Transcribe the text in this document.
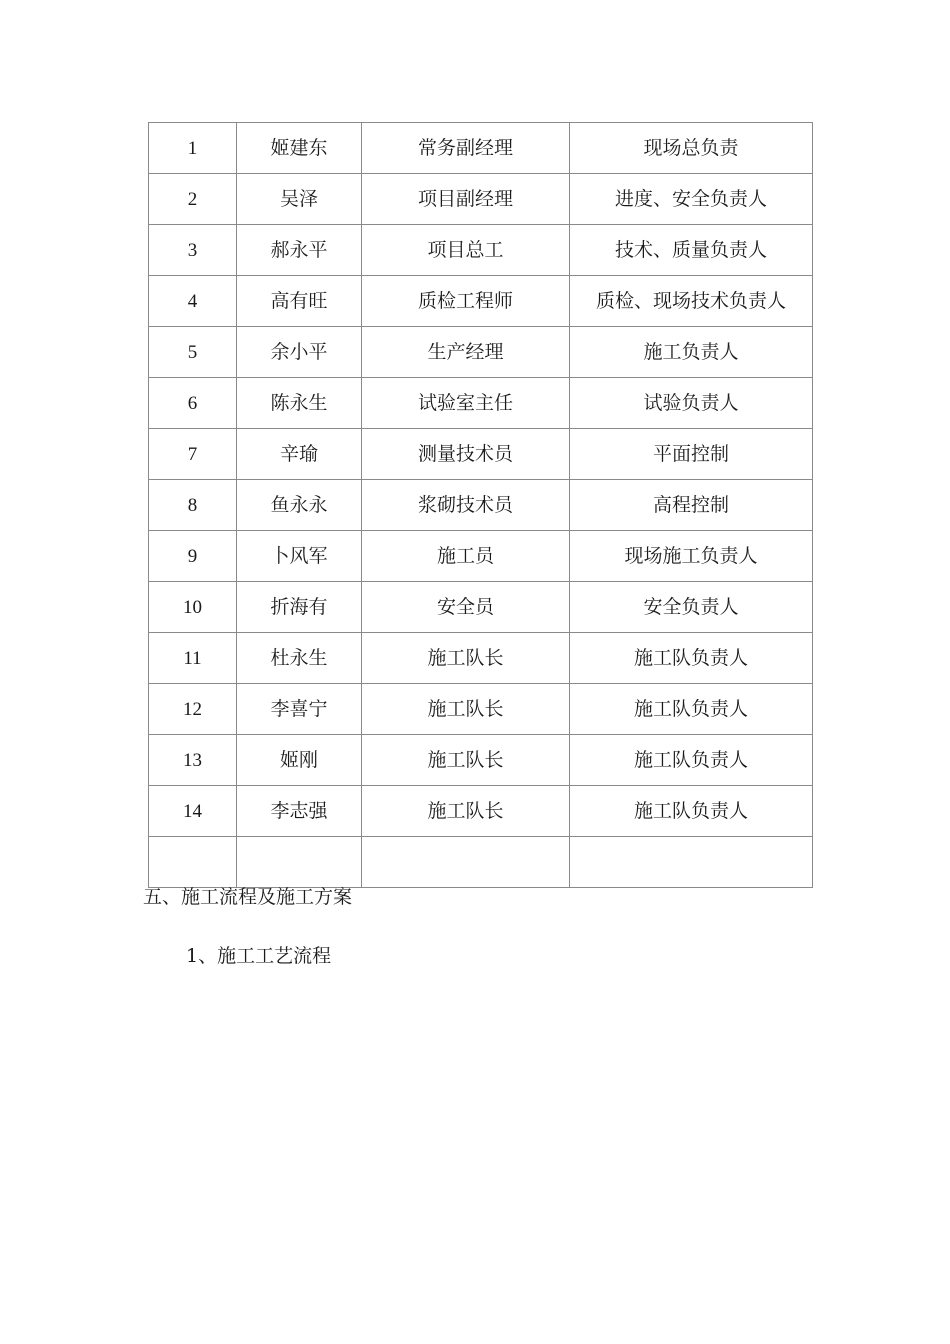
1	姬建东	常务副经理	现场总负责
2	吴泽	项目副经理	进度、安全负责人
3	郝永平	项目总工	技术、质量负责人
4	高有旺	质检工程师	质检、现场技术负责人
5	余小平	生产经理	施工负责人
6	陈永生	试验室主任	试验负责人
7	辛瑜	测量技术员	平面控制
8	鱼永永	浆砌技术员	高程控制
9	卜风军	施工员	现场施工负责人
10	折海有	安全员	安全负责人
11	杜永生	施工队长	施工队负责人
12	李喜宁	施工队长	施工队负责人
13	姬刚	施工队长	施工队负责人
14	李志强	施工队长	施工队负责人

五、施工流程及施工方案
1、施工工艺流程
